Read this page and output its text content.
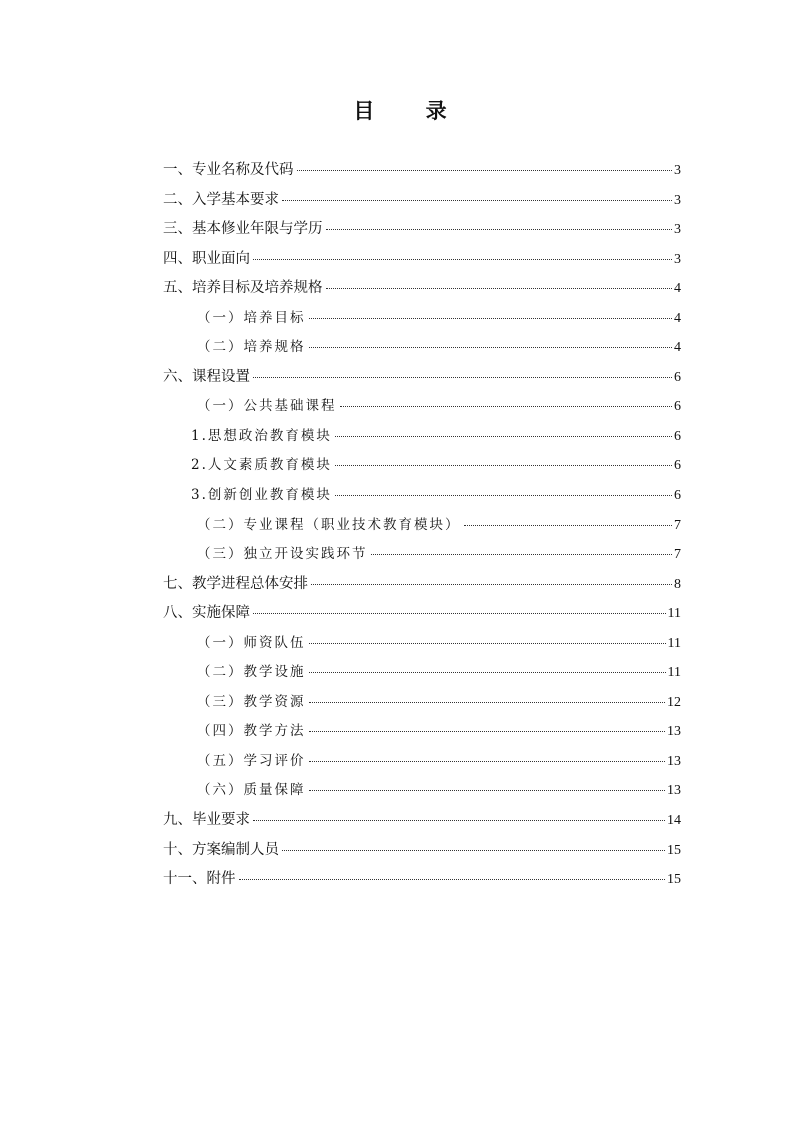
目 录
一、专业名称及代码	3
二、入学基本要求	3
三、基本修业年限与学历	3
四、职业面向	3
五、培养目标及培养规格	4
（一）培养目标	4
（二）培养规格	4
六、课程设置	6
（一）公共基础课程	6
1.思想政治教育模块	6
2.人文素质教育模块	6
3.创新创业教育模块	6
（二）专业课程（职业技术教育模块）	7
（三）独立开设实践环节	7
七、教学进程总体安排	8
八、实施保障	11
（一）师资队伍	11
（二）教学设施	11
（三）教学资源	12
（四）教学方法	13
（五）学习评价	13
（六）质量保障	13
九、毕业要求	14
十、方案编制人员	15
十一、附件	15
